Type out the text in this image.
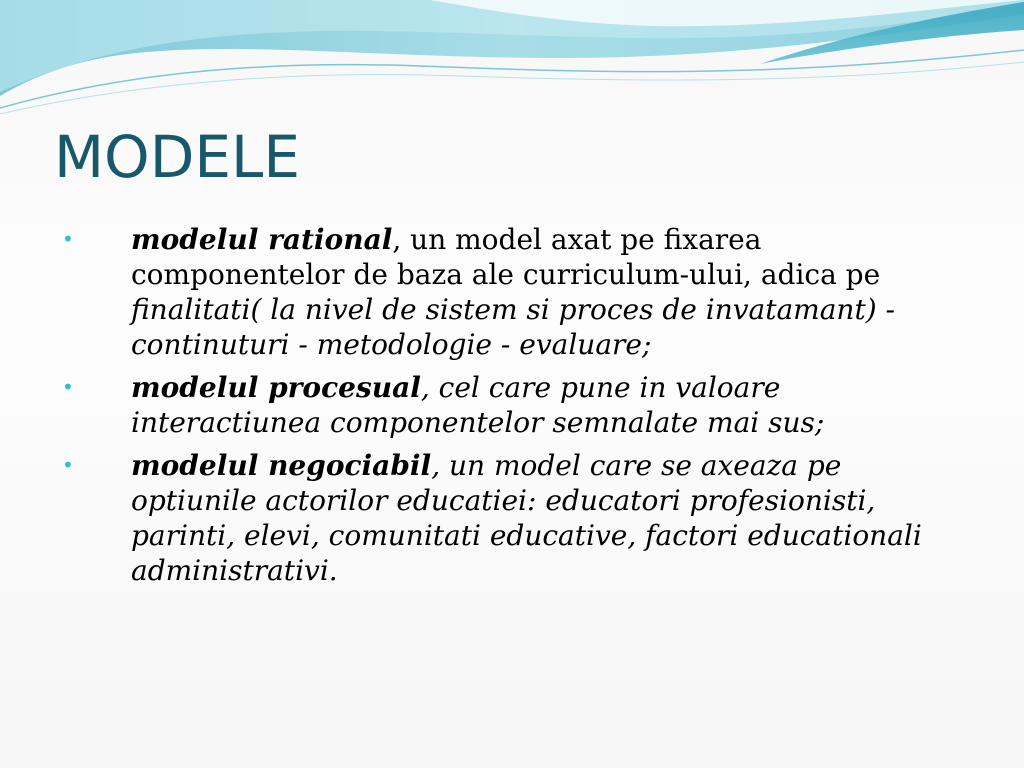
MODELE
• modelul rational, un model axat pe fixarea componentelor de baza ale curriculum-ului, adica pe finalitati( la nivel de sistem si proces de invatamant) - continuturi - metodologie - evaluare;
• modelul procesual, cel care pune in valoare interactiunea componentelor semnalate mai sus;
• modelul negociabil, un model care se axeaza pe optiunile actorilor educatiei: educatori profesionisti, parinti, elevi, comunitati educative, factori educationali administrativi.
